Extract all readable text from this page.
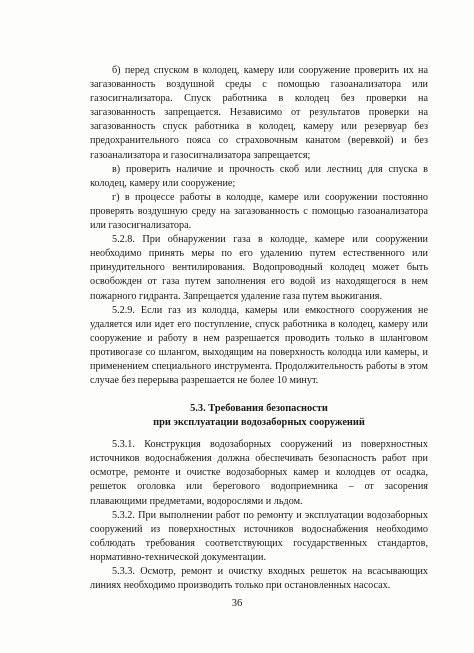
б) перед спуском в колодец, камеру или сооружение проверить их на загазованность воздушной среды с помощью газоанализатора или газосигнализатора. Спуск работника в колодец без проверки на загазованность запрещается. Независимо от результатов проверки на загазованность спуск работника в колодец, камеру или резервуар без предохранительного пояса со страховочным канатом (веревкой) и без газоанализатора и газосигнализатора запрещается;

в) проверить наличие и прочность скоб или лестниц для спуска в колодец, камеру или сооружение;

г) в процессе работы в колодце, камере или сооружении постоянно проверять воздушную среду на загазованность с помощью газоанализатора или газосигнализатора.

5.2.8. При обнаружении газа в колодце, камере или сооружении необходимо принять меры по его удалению путем естественного или принудительного вентилирования. Водопроводный колодец может быть освобожден от газа путем заполнения его водой из находящегося в нем пожарного гидранта. Запрещается удаление газа путем выжигания.

5.2.9. Если газ из колодца, камеры или емкостного сооружения не удаляется или идет его поступление, спуск работника в колодец, камеру или сооружение и работу в нем разрешается проводить только в шланговом противогазе со шлангом, выходящим на поверхность колодца или камеры, и применением специального инструмента. Продолжительность работы в этом случае без перерыва разрешается не более 10 минут.

5.3. Требования безопасности
при эксплуатации водозаборных сооружений

5.3.1. Конструкция водозаборных сооружений из поверхностных источников водоснабжения должна обеспечивать безопасность работ при осмотре, ремонте и очистке водозаборных камер и колодцев от осадка, решеток оголовка или берегового водоприемника – от засорения плавающими предметами, водорослями и льдом.

5.3.2. При выполнении работ по ремонту и эксплуатации водозаборных сооружений из поверхностных источников водоснабжения необходимо соблюдать требования соответствующих государственных стандартов, нормативно-технической документации.

5.3.3. Осмотр, ремонт и очистку входных решеток на всасывающих линиях необходимо производить только при остановленных насосах.

36
